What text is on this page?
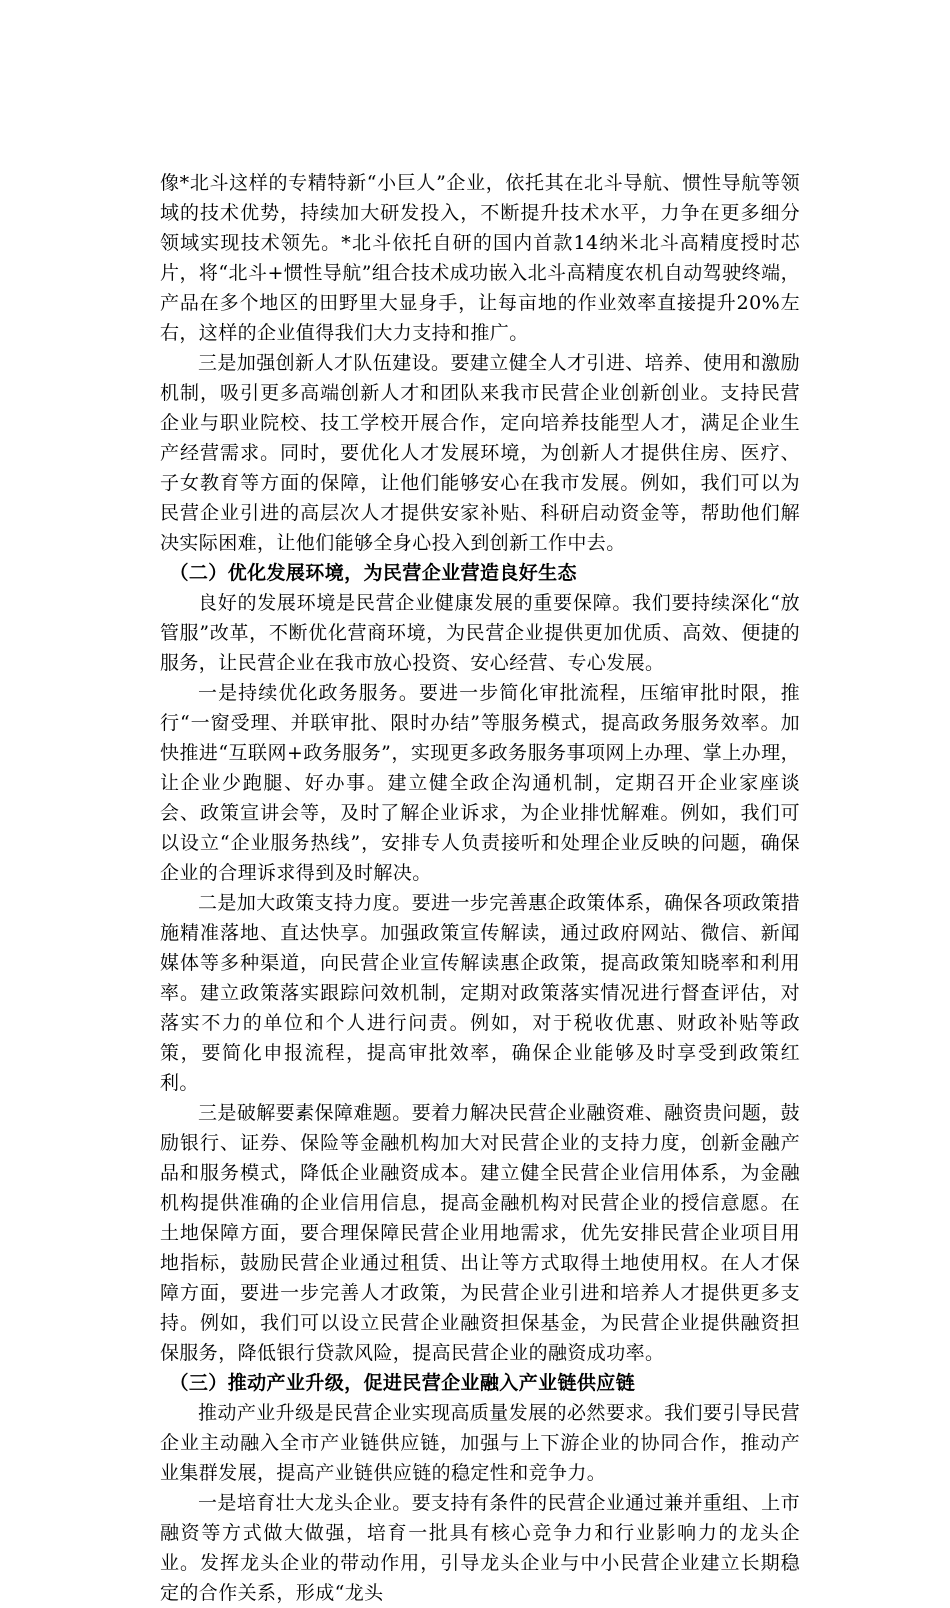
像*北斗这样的专精特新“小巨人”企业，依托其在北斗导航、惯性导航等领域的技术优势，持续加大研发投入，不断提升技术水平，力争在更多细分领域实现技术领先。*北斗依托自研的国内首款14纳米北斗高精度授时芯片，将“北斗+惯性导航”组合技术成功嵌入北斗高精度农机自动驾驶终端，产品在多个地区的田野里大显身手，让每亩地的作业效率直接提升20%左右，这样的企业值得我们大力支持和推广。

三是加强创新人才队伍建设。要建立健全人才引进、培养、使用和激励机制，吸引更多高端创新人才和团队来我市民营企业创新创业。支持民营企业与职业院校、技工学校开展合作，定向培养技能型人才，满足企业生产经营需求。同时，要优化人才发展环境，为创新人才提供住房、医疗、子女教育等方面的保障，让他们能够安心在我市发展。例如，我们可以为民营企业引进的高层次人才提供安家补贴、科研启动资金等，帮助他们解决实际困难，让他们能够全身心投入到创新工作中去。

（二）优化发展环境，为民营企业营造良好生态

良好的发展环境是民营企业健康发展的重要保障。我们要持续深化“放管服”改革，不断优化营商环境，为民营企业提供更加优质、高效、便捷的服务，让民营企业在我市放心投资、安心经营、专心发展。

一是持续优化政务服务。要进一步简化审批流程，压缩审批时限，推行“一窗受理、并联审批、限时办结”等服务模式，提高政务服务效率。加快推进“互联网+政务服务”，实现更多政务服务事项网上办理、掌上办理，让企业少跑腿、好办事。建立健全政企沟通机制，定期召开企业家座谈会、政策宣讲会等，及时了解企业诉求，为企业排忧解难。例如，我们可以设立“企业服务热线”，安排专人负责接听和处理企业反映的问题，确保企业的合理诉求得到及时解决。

二是加大政策支持力度。要进一步完善惠企政策体系，确保各项政策措施精准落地、直达快享。加强政策宣传解读，通过政府网站、微信、新闻媒体等多种渠道，向民营企业宣传解读惠企政策，提高政策知晓率和利用率。建立政策落实跟踪问效机制，定期对政策落实情况进行督查评估，对落实不力的单位和个人进行问责。例如，对于税收优惠、财政补贴等政策，要简化申报流程，提高审批效率，确保企业能够及时享受到政策红利。

三是破解要素保障难题。要着力解决民营企业融资难、融资贵问题，鼓励银行、证券、保险等金融机构加大对民营企业的支持力度，创新金融产品和服务模式，降低企业融资成本。建立健全民营企业信用体系，为金融机构提供准确的企业信用信息，提高金融机构对民营企业的授信意愿。在土地保障方面，要合理保障民营企业用地需求，优先安排民营企业项目用地指标，鼓励民营企业通过租赁、出让等方式取得土地使用权。在人才保障方面，要进一步完善人才政策，为民营企业引进和培养人才提供更多支持。例如，我们可以设立民营企业融资担保基金，为民营企业提供融资担保服务，降低银行贷款风险，提高民营企业的融资成功率。

（三）推动产业升级，促进民营企业融入产业链供应链

推动产业升级是民营企业实现高质量发展的必然要求。我们要引导民营企业主动融入全市产业链供应链，加强与上下游企业的协同合作，推动产业集群发展，提高产业链供应链的稳定性和竞争力。

一是培育壮大龙头企业。要支持有条件的民营企业通过兼并重组、上市融资等方式做大做强，培育一批具有核心竞争力和行业影响力的龙头企业。发挥龙头企业的带动作用，引导龙头企业与中小民营企业建立长期稳定的合作关系，形成“龙头
